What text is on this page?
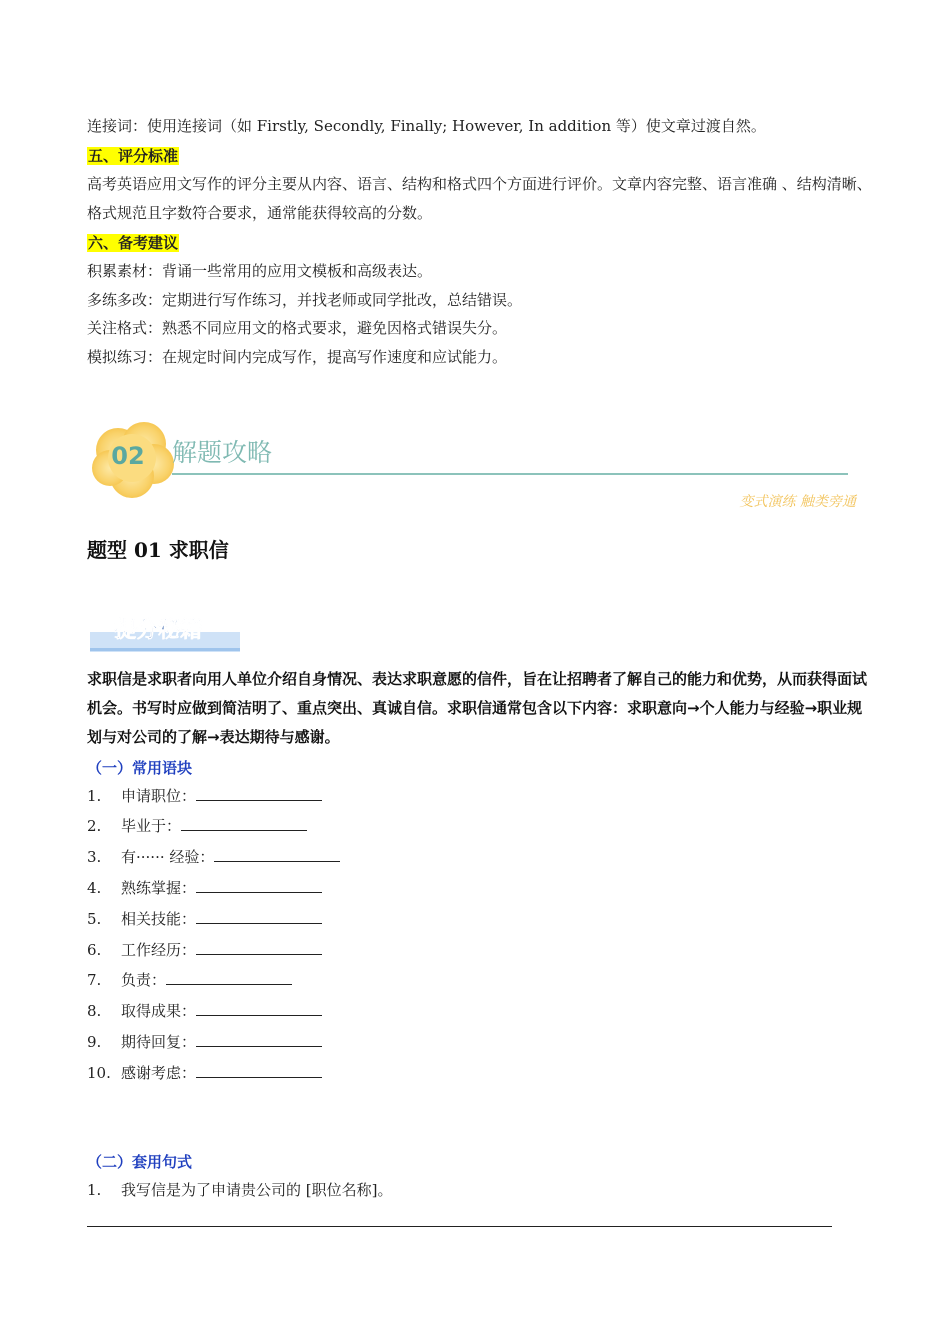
连接词：使用连接词（如 Firstly, Secondly, Finally; However, In addition 等）使文章过渡自然。
五、评分标准
高考英语应用文写作的评分主要从内容、语言、结构和格式四个方面进行评价。文章内容完整、语言准确 、结构清晰、格式规范且字数符合要求，通常能获得较高的分数。
六、备考建议
积累素材：背诵一些常用的应用文模板和高级表达。
多练多改：定期进行写作练习，并找老师或同学批改，总结错误。
关注格式：熟悉不同应用文的格式要求，避免因格式错误失分。
模拟练习：在规定时间内完成写作，提高写作速度和应试能力。
02 解题攻略
变式演练 触类旁通
题型 01 求职信
提分秘籍
求职信是求职者向用人单位介绍自身情况、表达求职意愿的信件，旨在让招聘者了解自己的能力和优势，从而获得面试机会。书写时应做到简洁明了、重点突出、真诚自信。求职信通常包含以下内容：求职意向→个人能力与经验→职业规划与对公司的了解→表达期待与感谢。
（一）常用语块
1. 申请职位：
2. 毕业于：
3. 有······ 经验：
4. 熟练掌握：
5. 相关技能：
6. 工作经历：
7. 负责：
8. 取得成果：
9. 期待回复：
10. 感谢考虑：
（二）套用句式
1. 我写信是为了申请贵公司的 [职位名称]。
